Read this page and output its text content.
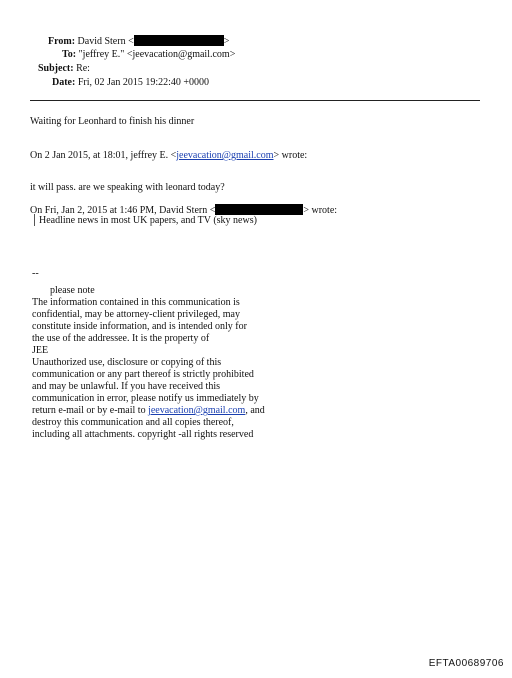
From: David Stern <	>
To: "jeffrey E." <jeevacation@gmail.com>
Subject: Re:
Date: Fri, 02 Jan 2015 19:22:40 +0000
Waiting for Leonhard to finish his dinner
On 2 Jan 2015, at 18:01, jeffrey E. <jeevacation@gmail.com> wrote:
it will pass. are we speaking with leonard today?
On Fri, Jan 2, 2015 at 1:46 PM, David Stern <	> wrote:
Headline news in most UK papers, and TV (sky news)
--
please note
The information contained in this communication is
confidential, may be attorney-client privileged, may
constitute inside information, and is intended only for
the use of the addressee. It is the property of
JEE
Unauthorized use, disclosure or copying of this
communication or any part thereof is strictly prohibited
and may be unlawful. If you have received this
communication in error, please notify us immediately by
return e-mail or by e-mail to jeevacation@gmail.com, and
destroy this communication and all copies thereof,
including all attachments. copyright -all rights reserved
EFTA00689706
